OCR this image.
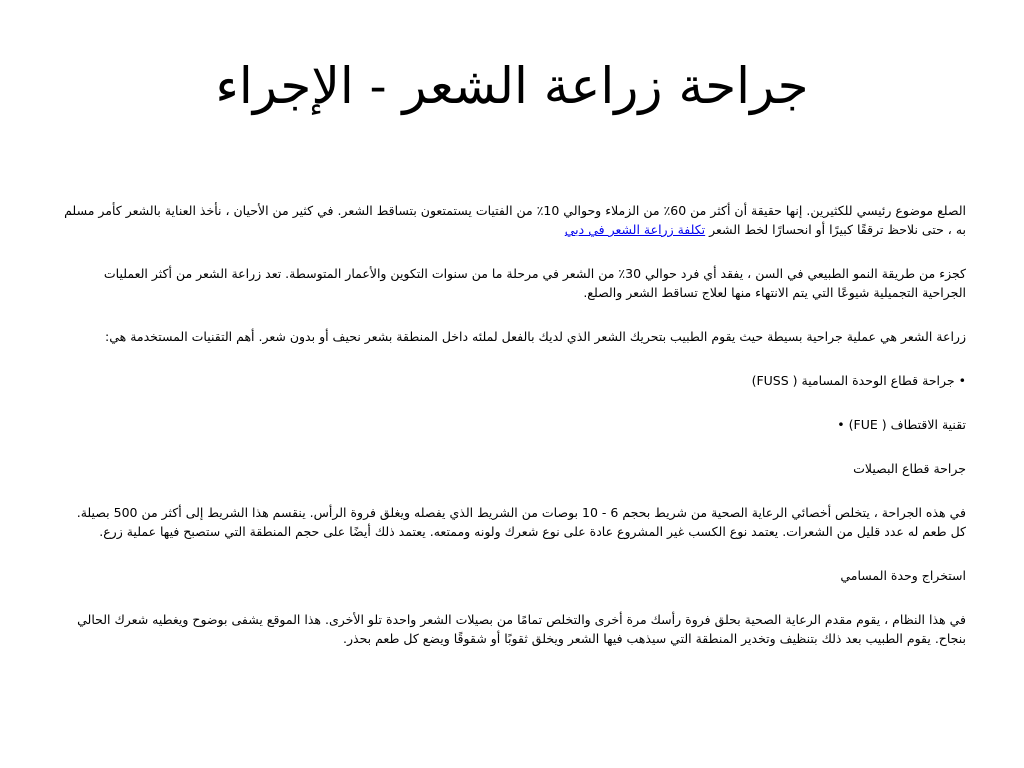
جراحة زراعة الشعر - الإجراء

الصلع موضوع رئيسي للكثيرين. إنها حقيقة أن أكثر من 60٪ من الزملاء وحوالي 10٪ من الفتيات يستمتعون بتساقط الشعر. في كثير من الأحيان ، نأخذ العناية بالشعر كأمر مسلم به ، حتى نلاحظ ترققًا كبيرًا أو انحسارًا لخط الشعر تكلفة زراعة الشعر في دبي

كجزء من طريقة النمو الطبيعي في السن ، يفقد أي فرد حوالي 30٪ من الشعر في مرحلة ما من سنوات التكوين والأعمار المتوسطة. تعد زراعة الشعر من أكثر العمليات الجراحية التجميلية شيوعًا التي يتم الانتهاء منها لعلاج تساقط الشعر والصلع.

زراعة الشعر هي عملية جراحية بسيطة حيث يقوم الطبيب بتحريك الشعر الذي لديك بالفعل لملئه داخل المنطقة بشعر نحيف أو بدون شعر. أهم التقنيات المستخدمة هي:

• جراحة قطاع الوحدة المسامية ( FUSS)

تقنية الاقتطاف ( FUE) •

جراحة قطاع البصيلات

في هذه الجراحة ، يتخلص أخصائي الرعاية الصحية من شريط بحجم 6 - 10 بوصات من الشريط الذي يفصله ويغلق فروة الرأس. ينقسم هذا الشريط إلى أكثر من 500 بصيلة. كل طعم له عدد قليل من الشعرات. يعتمد نوع الكسب غير المشروع عادة على نوع شعرك ولونه وممتعه. يعتمد ذلك أيضًا على حجم المنطقة التي ستصبح فيها عملية زرع.

استخراج وحدة المسامي

في هذا النظام ، يقوم مقدم الرعاية الصحية بحلق فروة رأسك مرة أخرى والتخلص تمامًا من بصيلات الشعر واحدة تلو الأخرى. هذا الموقع يشفى بوضوح ويغطيه شعرك الحالي بنجاح. يقوم الطبيب بعد ذلك بتنظيف وتخدير المنطقة التي سيذهب فيها الشعر ويخلق ثقوبًا أو شقوقًا ويضع كل طعم بحذر.
